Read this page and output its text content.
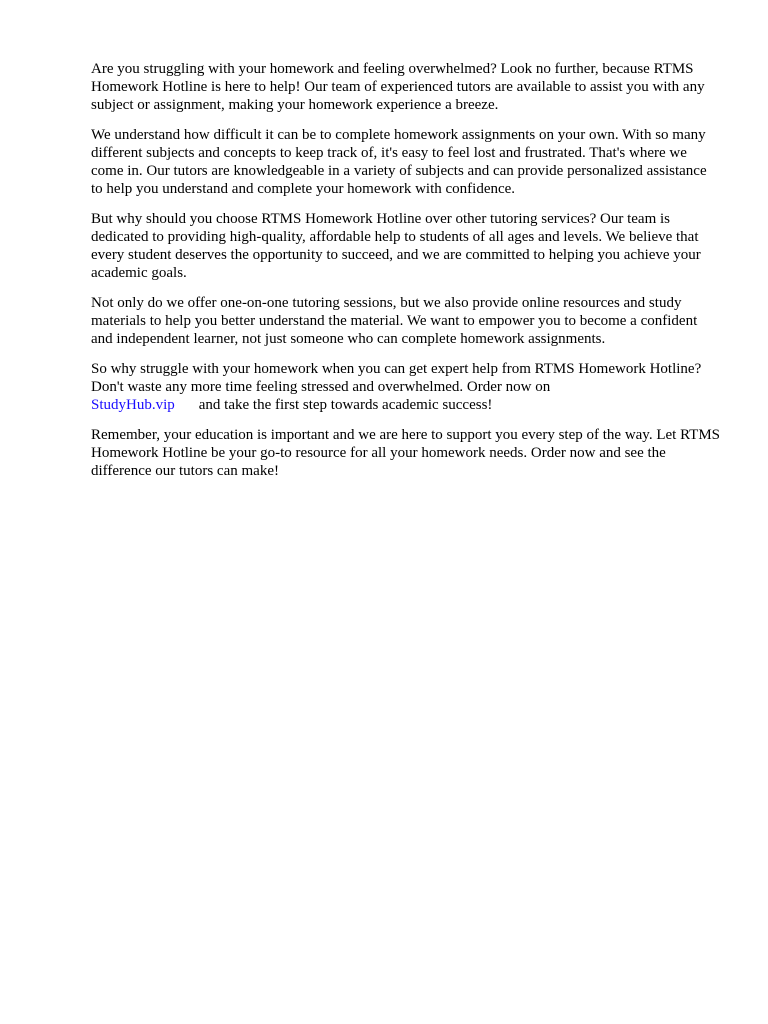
Are you struggling with your homework and feeling overwhelmed? Look no further, because RTMS Homework Hotline is here to help! Our team of experienced tutors are available to assist you with any subject or assignment, making your homework experience a breeze.

We understand how difficult it can be to complete homework assignments on your own. With so many different subjects and concepts to keep track of, it's easy to feel lost and frustrated. That's where we come in. Our tutors are knowledgeable in a variety of subjects and can provide personalized assistance to help you understand and complete your homework with confidence.

But why should you choose RTMS Homework Hotline over other tutoring services? Our team is dedicated to providing high-quality, affordable help to students of all ages and levels. We believe that every student deserves the opportunity to succeed, and we are committed to helping you achieve your academic goals.

Not only do we offer one-on-one tutoring sessions, but we also provide online resources and study materials to help you better understand the material. We want to empower you to become a confident and independent learner, not just someone who can complete homework assignments.

So why struggle with your homework when you can get expert help from RTMS Homework Hotline? Don't waste any more time feeling stressed and overwhelmed. Order now on
StudyHub.vip and take the first step towards academic success!

Remember, your education is important and we are here to support you every step of the way. Let RTMS Homework Hotline be your go-to resource for all your homework needs. Order now and see the difference our tutors can make!
